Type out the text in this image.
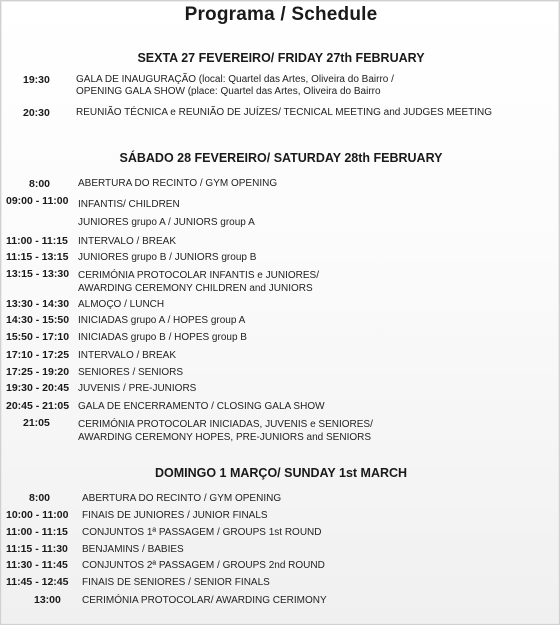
Programa / Schedule
SEXTA 27 FEVEREIRO/ FRIDAY 27th FEBRUARY
19:30	GALA DE INAUGURAÇÃO (local: Quartel das Artes, Oliveira do Bairro /
OPENING GALA SHOW (place: Quartel das Artes, Oliveira do Bairro
20:30	REUNIÃO TÉCNICA e REUNIÃO DE JUÍZES/ TECNICAL MEETING and JUDGES MEETING
SÁBADO 28 FEVEREIRO/ SATURDAY 28th FEBRUARY
8:00	ABERTURA DO RECINTO / GYM OPENING
09:00 - 11:00 INFANTIS/ CHILDREN
JUNIORES grupo A / JUNIORS group A
11:00 - 11:15 INTERVALO / BREAK
11:15 - 13:15 JUNIORES grupo B / JUNIORS group B
13:15 - 13:30 CERIMÓNIA PROTOCOLAR INFANTIS e JUNIORES/
AWARDING CEREMONY CHILDREN and JUNIORS
13:30 - 14:30 ALMOÇO / LUNCH
14:30 - 15:50 INICIADAS grupo A / HOPES group A
15:50 - 17:10 INICIADAS grupo B / HOPES group B
17:10 - 17:25 INTERVALO / BREAK
17:25 - 19:20 SENIORES / SENIORS
19:30 - 20:45 JUVENIS / PRE-JUNIORS
20:45 - 21:05 GALA DE ENCERRAMENTO / CLOSING GALA SHOW
21:05	CERIMÓNIA PROTOCOLAR INICIADAS, JUVENIS e SENIORES/
AWARDING CEREMONY HOPES, PRE-JUNIORS and SENIORS
DOMINGO 1 MARÇO/ SUNDAY 1st MARCH
8:00	ABERTURA DO RECINTO / GYM OPENING
10:00 - 11:00 FINAIS DE JUNIORES / JUNIOR FINALS
11:00 - 11:15 CONJUNTOS 1ª PASSAGEM / GROUPS 1st ROUND
11:15 - 11:30 BENJAMINS / BABIES
11:30 - 11:45 CONJUNTOS 2ª PASSAGEM / GROUPS 2nd ROUND
11:45 - 12:45 FINAIS DE SENIORES / SENIOR FINALS
13:00 CERIMÓNIA PROTOCOLAR/ AWARDING CERIMONY
